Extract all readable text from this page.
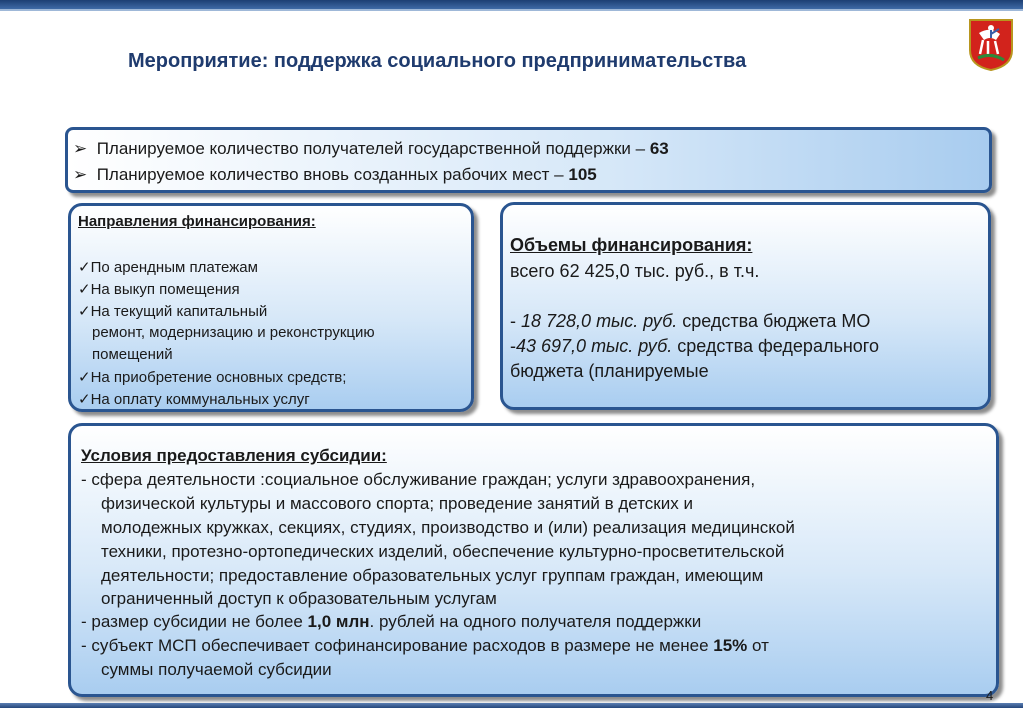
Мероприятие: поддержка социального предпринимательства
➢ Планируемое количество получателей государственной поддержки – 63
➢ Планируемое количество вновь созданных рабочих мест – 105
Направления финансирования:
✓По арендным платежам
✓На выкуп помещения
✓На текущий капитальный
ремонт, модернизацию и реконструкцию
помещений
✓На приобретение основных средств;
✓На оплату коммунальных услуг
Объемы финансирования:
всего 62 425,0 тыс. руб., в т.ч.
- 18 728,0 тыс. руб. средства бюджета МО
-43 697,0 тыс. руб. средства федерального
бюджета (планируемые
Условия предоставления субсидии:
- сфера деятельности :социальное обслуживание граждан; услуги здравоохранения,
физической культуры и массового спорта; проведение занятий в детских и
молодежных кружках, секциях, студиях, производство и (или) реализация медицинской
техники, протезно-ортопедических изделий, обеспечение культурно-просветительской
деятельности; предоставление образовательных услуг группам граждан, имеющим
ограниченный доступ к образовательным услугам
- размер субсидии не более 1,0 млн. рублей на одного получателя поддержки
- субъект МСП обеспечивает софинансирование расходов в размере не менее 15% от
суммы получаемой субсидии
4
